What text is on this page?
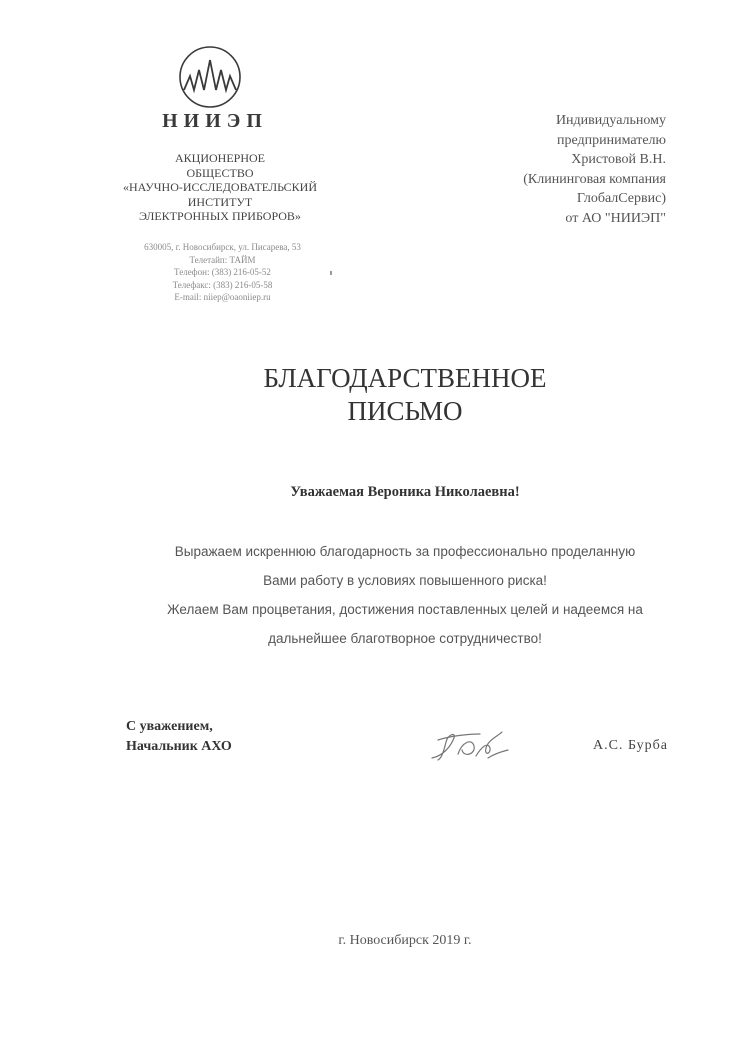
НИИЭП
АКЦИОНЕРНОЕ
ОБЩЕСТВО
«НАУЧНО-ИССЛЕДОВАТЕЛЬСКИЙ
ИНСТИТУТ
ЭЛЕКТРОННЫХ ПРИБОРОВ»
630005, г. Новосибирск, ул. Писарева, 53
Телетайп: ТАЙМ
Телефон: (383) 216-05-52
Телефакс: (383) 216-05-58
E-mail: niiep@oaoniiep.ru
Индивидуальному
предпринимателю
Христовой В.Н.
(Клининговая компания
ГлобалСервис)
от АО "НИИЭП"
БЛАГОДАРСТВЕННОЕ
ПИСЬМО
Уважаемая Вероника Николаевна!
Выражаем искреннюю благодарность за профессионально проделанную
Вами работу в условиях повышенного риска!
Желаем Вам процветания, достижения поставленных целей и надеемся на
дальнейшее благотворное сотрудничество!
С уважением,
Начальник АХО	А.С. Бурба
г. Новосибирск 2019 г.
